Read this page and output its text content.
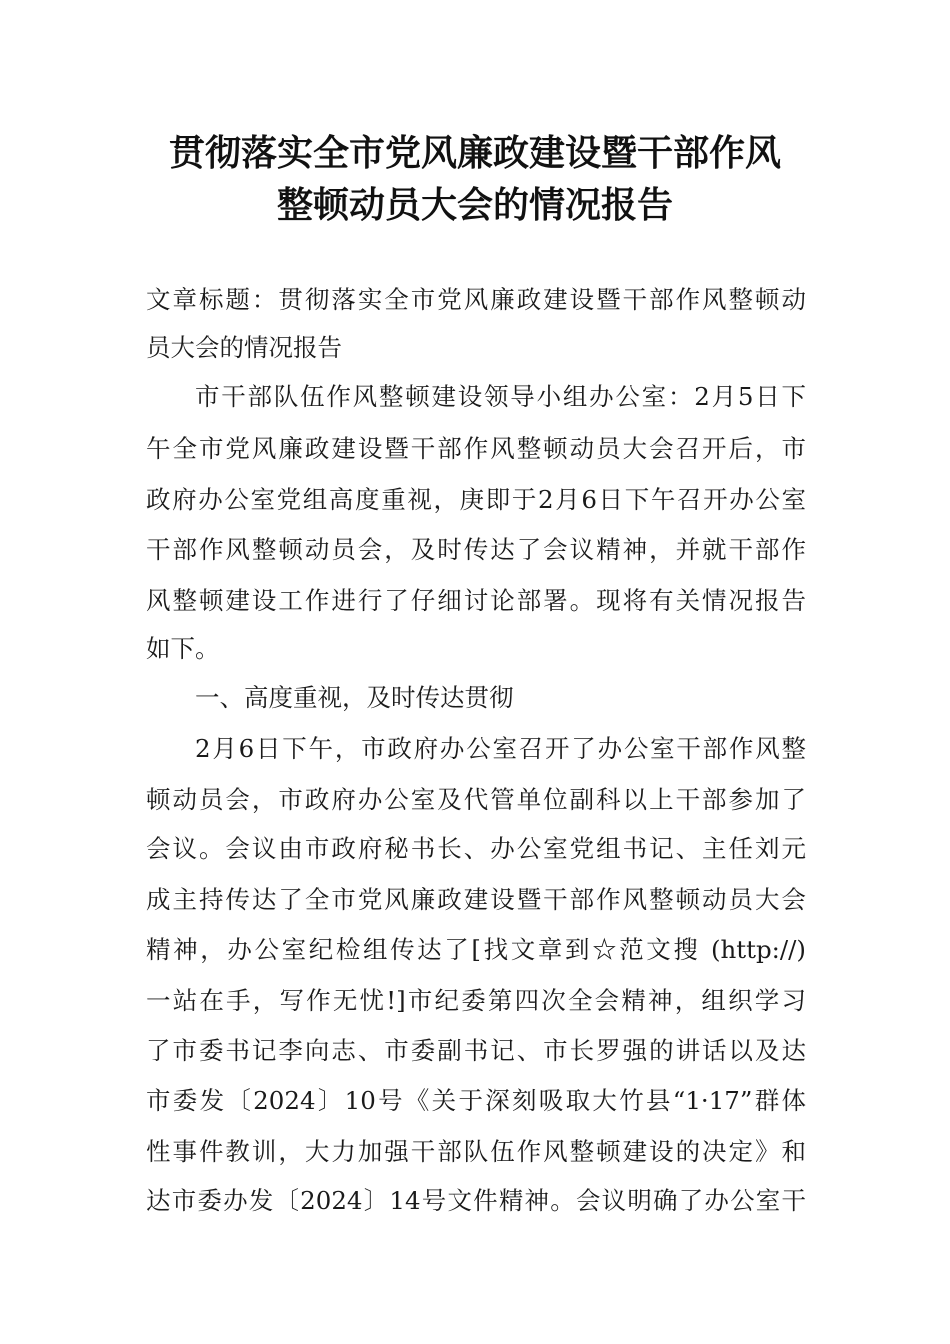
贯彻落实全市党风廉政建设暨干部作风
整顿动员大会的情况报告

文章标题：贯彻落实全市党风廉政建设暨干部作风整顿动

员大会的情况报告

市干部队伍作风整顿建设领导小组办公室：2月5日下

午全市党风廉政建设暨干部作风整顿动员大会召开后，市

政府办公室党组高度重视，庚即于2月6日下午召开办公室

干部作风整顿动员会，及时传达了会议精神，并就干部作

风整顿建设工作进行了仔细讨论部署。现将有关情况报告

如下。

一、高度重视，及时传达贯彻

2月6日下午，市政府办公室召开了办公室干部作风整

顿动员会，市政府办公室及代管单位副科以上干部参加了

会议。会议由市政府秘书长、办公室党组书记、主任刘元

成主持传达了全市党风廉政建设暨干部作风整顿动员大会

精神，办公室纪检组传达了[找文章到☆范文搜 (http://)

一站在手，写作无忧!]市纪委第四次全会精神，组织学习

了市委书记李向志、市委副书记、市长罗强的讲话以及达

市委发〔2024〕10号《关于深刻吸取大竹县“1·17”群体

性事件教训，大力加强干部队伍作风整顿建设的决定》和

达市委办发〔2024〕14号文件精神。会议明确了办公室干
